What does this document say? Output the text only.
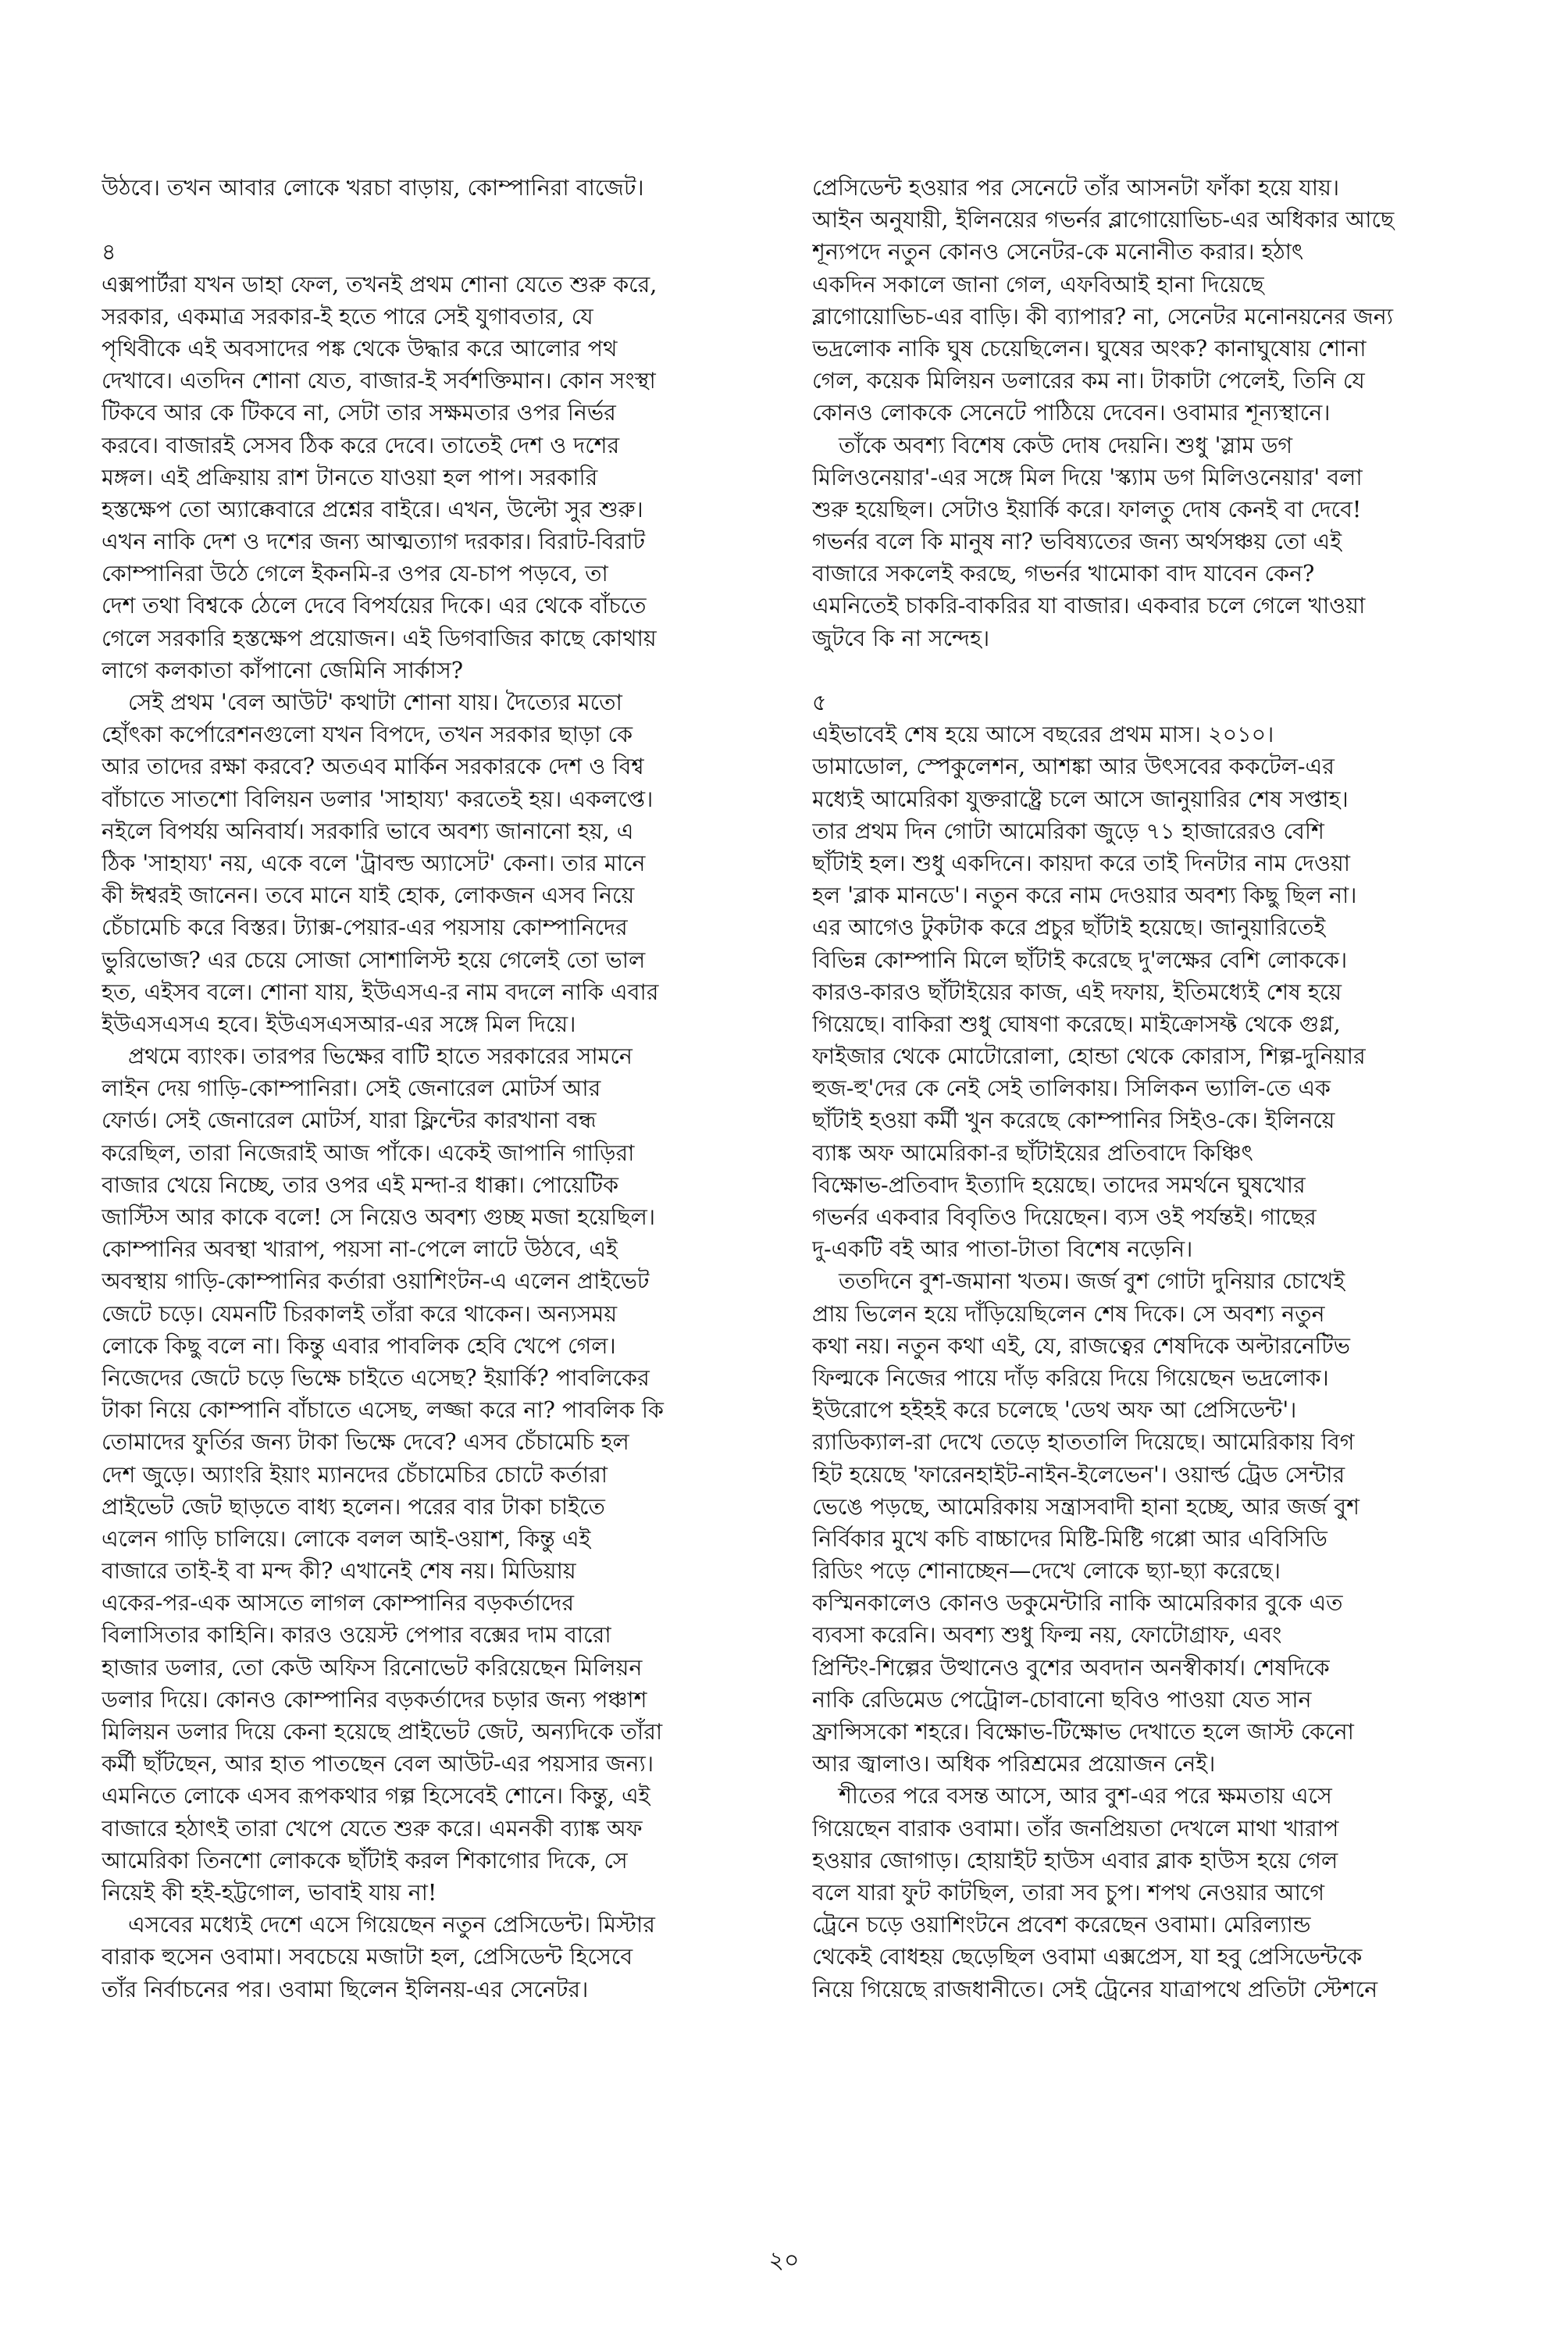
উঠবে। তখন আবার লোকে খরচা বাড়ায়, কোম্পানিরা বাজেট।
৪
এক্সপার্টরা যখন ডাহা ফেল, তখনই প্রথম শোনা যেতে শুরু করে,
সরকার, একমাত্র সরকার-ই হতে পারে সেই যুগাবতার, যে
পৃথিবীকে এই অবসাদের পঙ্ক থেকে উদ্ধার করে আলোর পথ
দেখাবে। এতদিন শোনা যেত, বাজার-ই সর্বশক্তিমান। কোন সংস্থা
টিকবে আর কে টিকবে না, সেটা তার সক্ষমতার ওপর নির্ভর
করবে। বাজারই সেসব ঠিক করে দেবে। তাতেই দেশ ও দশের
মঙ্গল। এই প্রক্রিয়ায় রাশ টানতে যাওয়া হল পাপ। সরকারি
হস্তক্ষেপ তো অ্যাক্কেবারে প্রশ্নের বাইরে। এখন, উল্টো সুর শুরু।
এখন নাকি দেশ ও দশের জন্য আত্মত্যাগ দরকার। বিরাট-বিরাট
কোম্পানিরা উঠে গেলে ইকনমি-র ওপর যে-চাপ পড়বে, তা
দেশ তথা বিশ্বকে ঠেলে দেবে বিপর্যয়ের দিকে। এর থেকে বাঁচতে
গেলে সরকারি হস্তক্ষেপ প্রয়োজন। এই ডিগবাজির কাছে কোথায়
লাগে কলকাতা কাঁপানো জেমিনি সার্কাস?
সেই প্রথম 'বেল আউট' কথাটা শোনা যায়। দৈত্যের মতো
হোঁৎকা কর্পোরেশনগুলো যখন বিপদে, তখন সরকার ছাড়া কে
আর তাদের রক্ষা করবে? অতএব মার্কিন সরকারকে দেশ ও বিশ্ব
বাঁচাতে সাতশো বিলিয়ন ডলার 'সাহায্য' করতেই হয়। একলপ্তে।
নইলে বিপর্যয় অনিবার্য। সরকারি ভাবে অবশ্য জানানো হয়, এ
ঠিক 'সাহায্য' নয়, একে বলে 'ট্রাবল্ড অ্যাসেট' কেনা। তার মানে
কী ঈশ্বরই জানেন। তবে মানে যাই হোক, লোকজন এসব নিয়ে
চেঁচামেচি করে বিস্তর। ট্যাক্স-পেয়ার-এর পয়সায় কোম্পানিদের
ভুরিভোজ? এর চেয়ে সোজা সোশালিস্ট হয়ে গেলেই তো ভাল
হত, এইসব বলে। শোনা যায়, ইউএসএ-র নাম বদলে নাকি এবার
ইউএসএসএ হবে। ইউএসএসআর-এর সঙ্গে মিল দিয়ে।
প্রথমে ব্যাংক। তারপর ভিক্ষের বাটি হাতে সরকারের সামনে
লাইন দেয় গাড়ি-কোম্পানিরা। সেই জেনারেল মোটর্স আর
ফোর্ড। সেই জেনারেল মোটর্স, যারা ফ্লিন্টের কারখানা বন্ধ
করেছিল, তারা নিজেরাই আজ পাঁকে। একেই জাপানি গাড়িরা
বাজার খেয়ে নিচ্ছে, তার ওপর এই মন্দা-র ধাক্কা। পোয়েটিক
জাস্টিস আর কাকে বলে! সে নিয়েও অবশ্য গুচ্ছ মজা হয়েছিল।
কোম্পানির অবস্থা খারাপ, পয়সা না-পেলে লাটে উঠবে, এই
অবস্থায় গাড়ি-কোম্পানির কর্তারা ওয়াশিংটন-এ এলেন প্রাইভেট
জেটে চড়ে। যেমনটি চিরকালই তাঁরা করে থাকেন। অন্যসময়
লোকে কিছু বলে না। কিন্তু এবার পাবলিক হেবি খেপে গেল।
নিজেদের জেটে চড়ে ভিক্ষে চাইতে এসেছ? ইয়ার্কি? পাবলিকের
টাকা নিয়ে কোম্পানি বাঁচাতে এসেছ, লজ্জা করে না? পাবলিক কি
তোমাদের ফুর্তির জন্য টাকা ভিক্ষে দেবে? এসব চেঁচামেচি হল
দেশ জুড়ে। অ্যাংরি ইয়াং ম্যানদের চেঁচামেচির চোটে কর্তারা
প্রাইভেট জেট ছাড়তে বাধ্য হলেন। পরের বার টাকা চাইতে
এলেন গাড়ি চালিয়ে। লোকে বলল আই-ওয়াশ, কিন্তু এই
বাজারে তাই-ই বা মন্দ কী? এখানেই শেষ নয়। মিডিয়ায়
একের-পর-এক আসতে লাগল কোম্পানির বড়কর্তাদের
বিলাসিতার কাহিনি। কারও ওয়েস্ট পেপার বক্সের দাম বারো
হাজার ডলার, তো কেউ অফিস রিনোভেট করিয়েছেন মিলিয়ন
ডলার দিয়ে। কোনও কোম্পানির বড়কর্তাদের চড়ার জন্য পঞ্চাশ
মিলিয়ন ডলার দিয়ে কেনা হয়েছে প্রাইভেট জেট, অন্যদিকে তাঁরা
কর্মী ছাঁটছেন, আর হাত পাতছেন বেল আউট-এর পয়সার জন্য।
এমনিতে লোকে এসব রূপকথার গল্প হিসেবেই শোনে। কিন্তু, এই
বাজারে হঠাৎই তারা খেপে যেতে শুরু করে। এমনকী ব্যাঙ্ক অফ
আমেরিকা তিনশো লোককে ছাঁটাই করল শিকাগোর দিকে, সে
নিয়েই কী হই-হট্টগোল, ভাবাই যায় না!
এসবের মধ্যেই দেশে এসে গিয়েছেন নতুন প্রেসিডেন্ট। মিস্টার
বারাক হুসেন ওবামা। সবচেয়ে মজাটা হল, প্রেসিডেন্ট হিসেবে
তাঁর নির্বাচনের পর। ওবামা ছিলেন ইলিনয়-এর সেনেটর।
প্রেসিডেন্ট হওয়ার পর সেনেটে তাঁর আসনটা ফাঁকা হয়ে যায়।
আইন অনুযায়ী, ইলিনয়ের গভর্নর ব্লাগোয়োভিচ-এর অধিকার আছে
শূন্যপদে নতুন কোনও সেনেটর-কে মনোনীত করার। হঠাৎ
একদিন সকালে জানা গেল, এফবিআই হানা দিয়েছে
ব্লাগোয়োভিচ-এর বাড়ি। কী ব্যাপার? না, সেনেটর মনোনয়নের জন্য
ভদ্রলোক নাকি ঘুষ চেয়েছিলেন। ঘুষের অংক? কানাঘুষোয় শোনা
গেল, কয়েক মিলিয়ন ডলারের কম না। টাকাটা পেলেই, তিনি যে
কোনও লোককে সেনেটে পাঠিয়ে দেবেন। ওবামার শূন্যস্থানে।
তাঁকে অবশ্য বিশেষ কেউ দোষ দেয়নি। শুধু 'স্লাম ডগ
মিলিওনেয়ার'-এর সঙ্গে মিল দিয়ে 'স্ক্যাম ডগ মিলিওনেয়ার' বলা
শুরু হয়েছিল। সেটাও ইয়ার্কি করে। ফালতু দোষ কেনই বা দেবে!
গভর্নর বলে কি মানুষ না? ভবিষ্যতের জন্য অর্থসঞ্চয় তো এই
বাজারে সকলেই করছে, গভর্নর খামোকা বাদ যাবেন কেন?
এমনিতেই চাকরি-বাকরির যা বাজার। একবার চলে গেলে খাওয়া
জুটবে কি না সন্দেহ।
৫
এইভাবেই শেষ হয়ে আসে বছরের প্রথম মাস। ২০১০।
ডামাডোল, স্পেকুলেশন, আশঙ্কা আর উৎসবের ককটেল-এর
মধ্যেই আমেরিকা যুক্তরাষ্ট্রে চলে আসে জানুয়ারির শেষ সপ্তাহ।
তার প্রথম দিন গোটা আমেরিকা জুড়ে ৭১ হাজারেরও বেশি
ছাঁটাই হল। শুধু একদিনে। কায়দা করে তাই দিনটার নাম দেওয়া
হল 'ব্লাক মানডে'। নতুন করে নাম দেওয়ার অবশ্য কিছু ছিল না।
এর আগেও টুকটাক করে প্রচুর ছাঁটাই হয়েছে। জানুয়ারিতেই
বিভিন্ন কোম্পানি মিলে ছাঁটাই করেছে দু'লক্ষের বেশি লোককে।
কারও-কারও ছাঁটাইয়ের কাজ, এই দফায়, ইতিমধ্যেই শেষ হয়ে
গিয়েছে। বাকিরা শুধু ঘোষণা করেছে। মাইক্রোসফ্ট থেকে গুগ্ল,
ফাইজার থেকে মোটোরোলা, হোন্ডা থেকে কোরাস, শিল্প-দুনিয়ার
হুজ-হু'দের কে নেই সেই তালিকায়। সিলিকন ভ্যালি-তে এক
ছাঁটাই হওয়া কর্মী খুন করেছে কোম্পানির সিইও-কে। ইলিনয়ে
ব্যাঙ্ক অফ আমেরিকা-র ছাঁটাইয়ের প্রতিবাদে কিঞ্চিৎ
বিক্ষোভ-প্রতিবাদ ইত্যাদি হয়েছে। তাদের সমর্থনে ঘুষখোর
গভর্নর একবার বিবৃতিও দিয়েছেন। ব্যস ওই পর্যন্তই। গাছের
দু-একটি বই আর পাতা-টাতা বিশেষ নড়েনি।
ততদিনে বুশ-জমানা খতম। জর্জ বুশ গোটা দুনিয়ার চোখেই
প্রায় ভিলেন হয়ে দাঁড়িয়েছিলেন শেষ দিকে। সে অবশ্য নতুন
কথা নয়। নতুন কথা এই, যে, রাজত্বের শেষদিকে অল্টারনেটিভ
ফিল্মকে নিজের পায়ে দাঁড় করিয়ে দিয়ে গিয়েছেন ভদ্রলোক।
ইউরোপে হইহই করে চলেছে 'ডেথ অফ আ প্রেসিডেন্ট'।
র‍্যাডিক্যাল-রা দেখে তেড়ে হাততালি দিয়েছে। আমেরিকায় বিগ
হিট হয়েছে 'ফারেনহাইট-নাইন-ইলেভেন'। ওয়ার্ল্ড ট্রেড সেন্টার
ভেঙে পড়ছে, আমেরিকায় সন্ত্রাসবাদী হানা হচ্ছে, আর জর্জ বুশ
নির্বিকার মুখে কচি বাচ্চাদের মিষ্টি-মিষ্টি গপ্পো আর এবিসিডি
রিডিং পড়ে শোনাচ্ছেন—দেখে লোকে ছ্যা-ছ্যা করেছে।
কস্মিনকালেও কোনও ডকুমেন্টারি নাকি আমেরিকার বুকে এত
ব্যবসা করেনি। অবশ্য শুধু ফিল্ম নয়, ফোটোগ্রাফ, এবং
প্রিন্টিং-শিল্পের উত্থানেও বুশের অবদান অনস্বীকার্য। শেষদিকে
নাকি রেডিমেড পেট্রোল-চোবানো ছবিও পাওয়া যেত সান
ফ্রান্সিসকো শহরে। বিক্ষোভ-টিক্ষোভ দেখাতে হলে জাস্ট কেনো
আর জ্বালাও। অধিক পরিশ্রমের প্রয়োজন নেই।
শীতের পরে বসন্ত আসে, আর বুশ-এর পরে ক্ষমতায় এসে
গিয়েছেন বারাক ওবামা। তাঁর জনপ্রিয়তা দেখলে মাথা খারাপ
হওয়ার জোগাড়। হোয়াইট হাউস এবার ব্লাক হাউস হয়ে গেল
বলে যারা ফুট কাটছিল, তারা সব চুপ। শপথ নেওয়ার আগে
ট্রেনে চড়ে ওয়াশিংটনে প্রবেশ করেছেন ওবামা। মেরিল্যান্ড
থেকেই বোধহয় ছেড়েছিল ওবামা এক্সপ্রেস, যা হবু প্রেসিডেন্টকে
নিয়ে গিয়েছে রাজধানীতে। সেই ট্রেনের যাত্রাপথে প্রতিটা স্টেশনে
২০
